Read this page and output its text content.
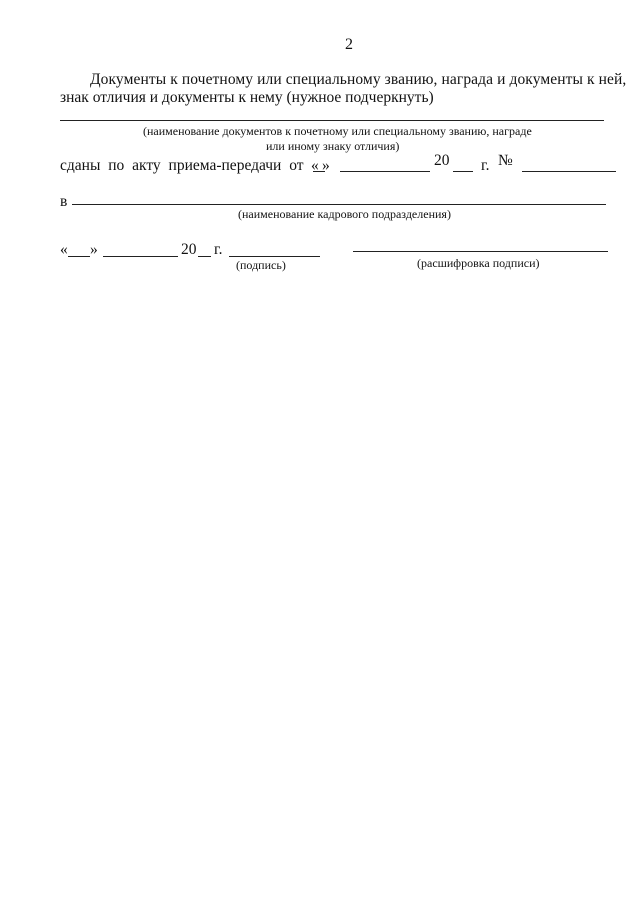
2
Документы к почетному или специальному званию, награда и документы к ней,
знак отличия и документы к нему (нужное подчеркнуть)
(наименование документов к почетному или специальному званию, награде
или иному знаку отличия)
сданы по акту приема-передачи от « »	20 г. №
в
(наименование кадрового подразделения)
« »	20 г.
(подпись)	(расшифровка подписи)
